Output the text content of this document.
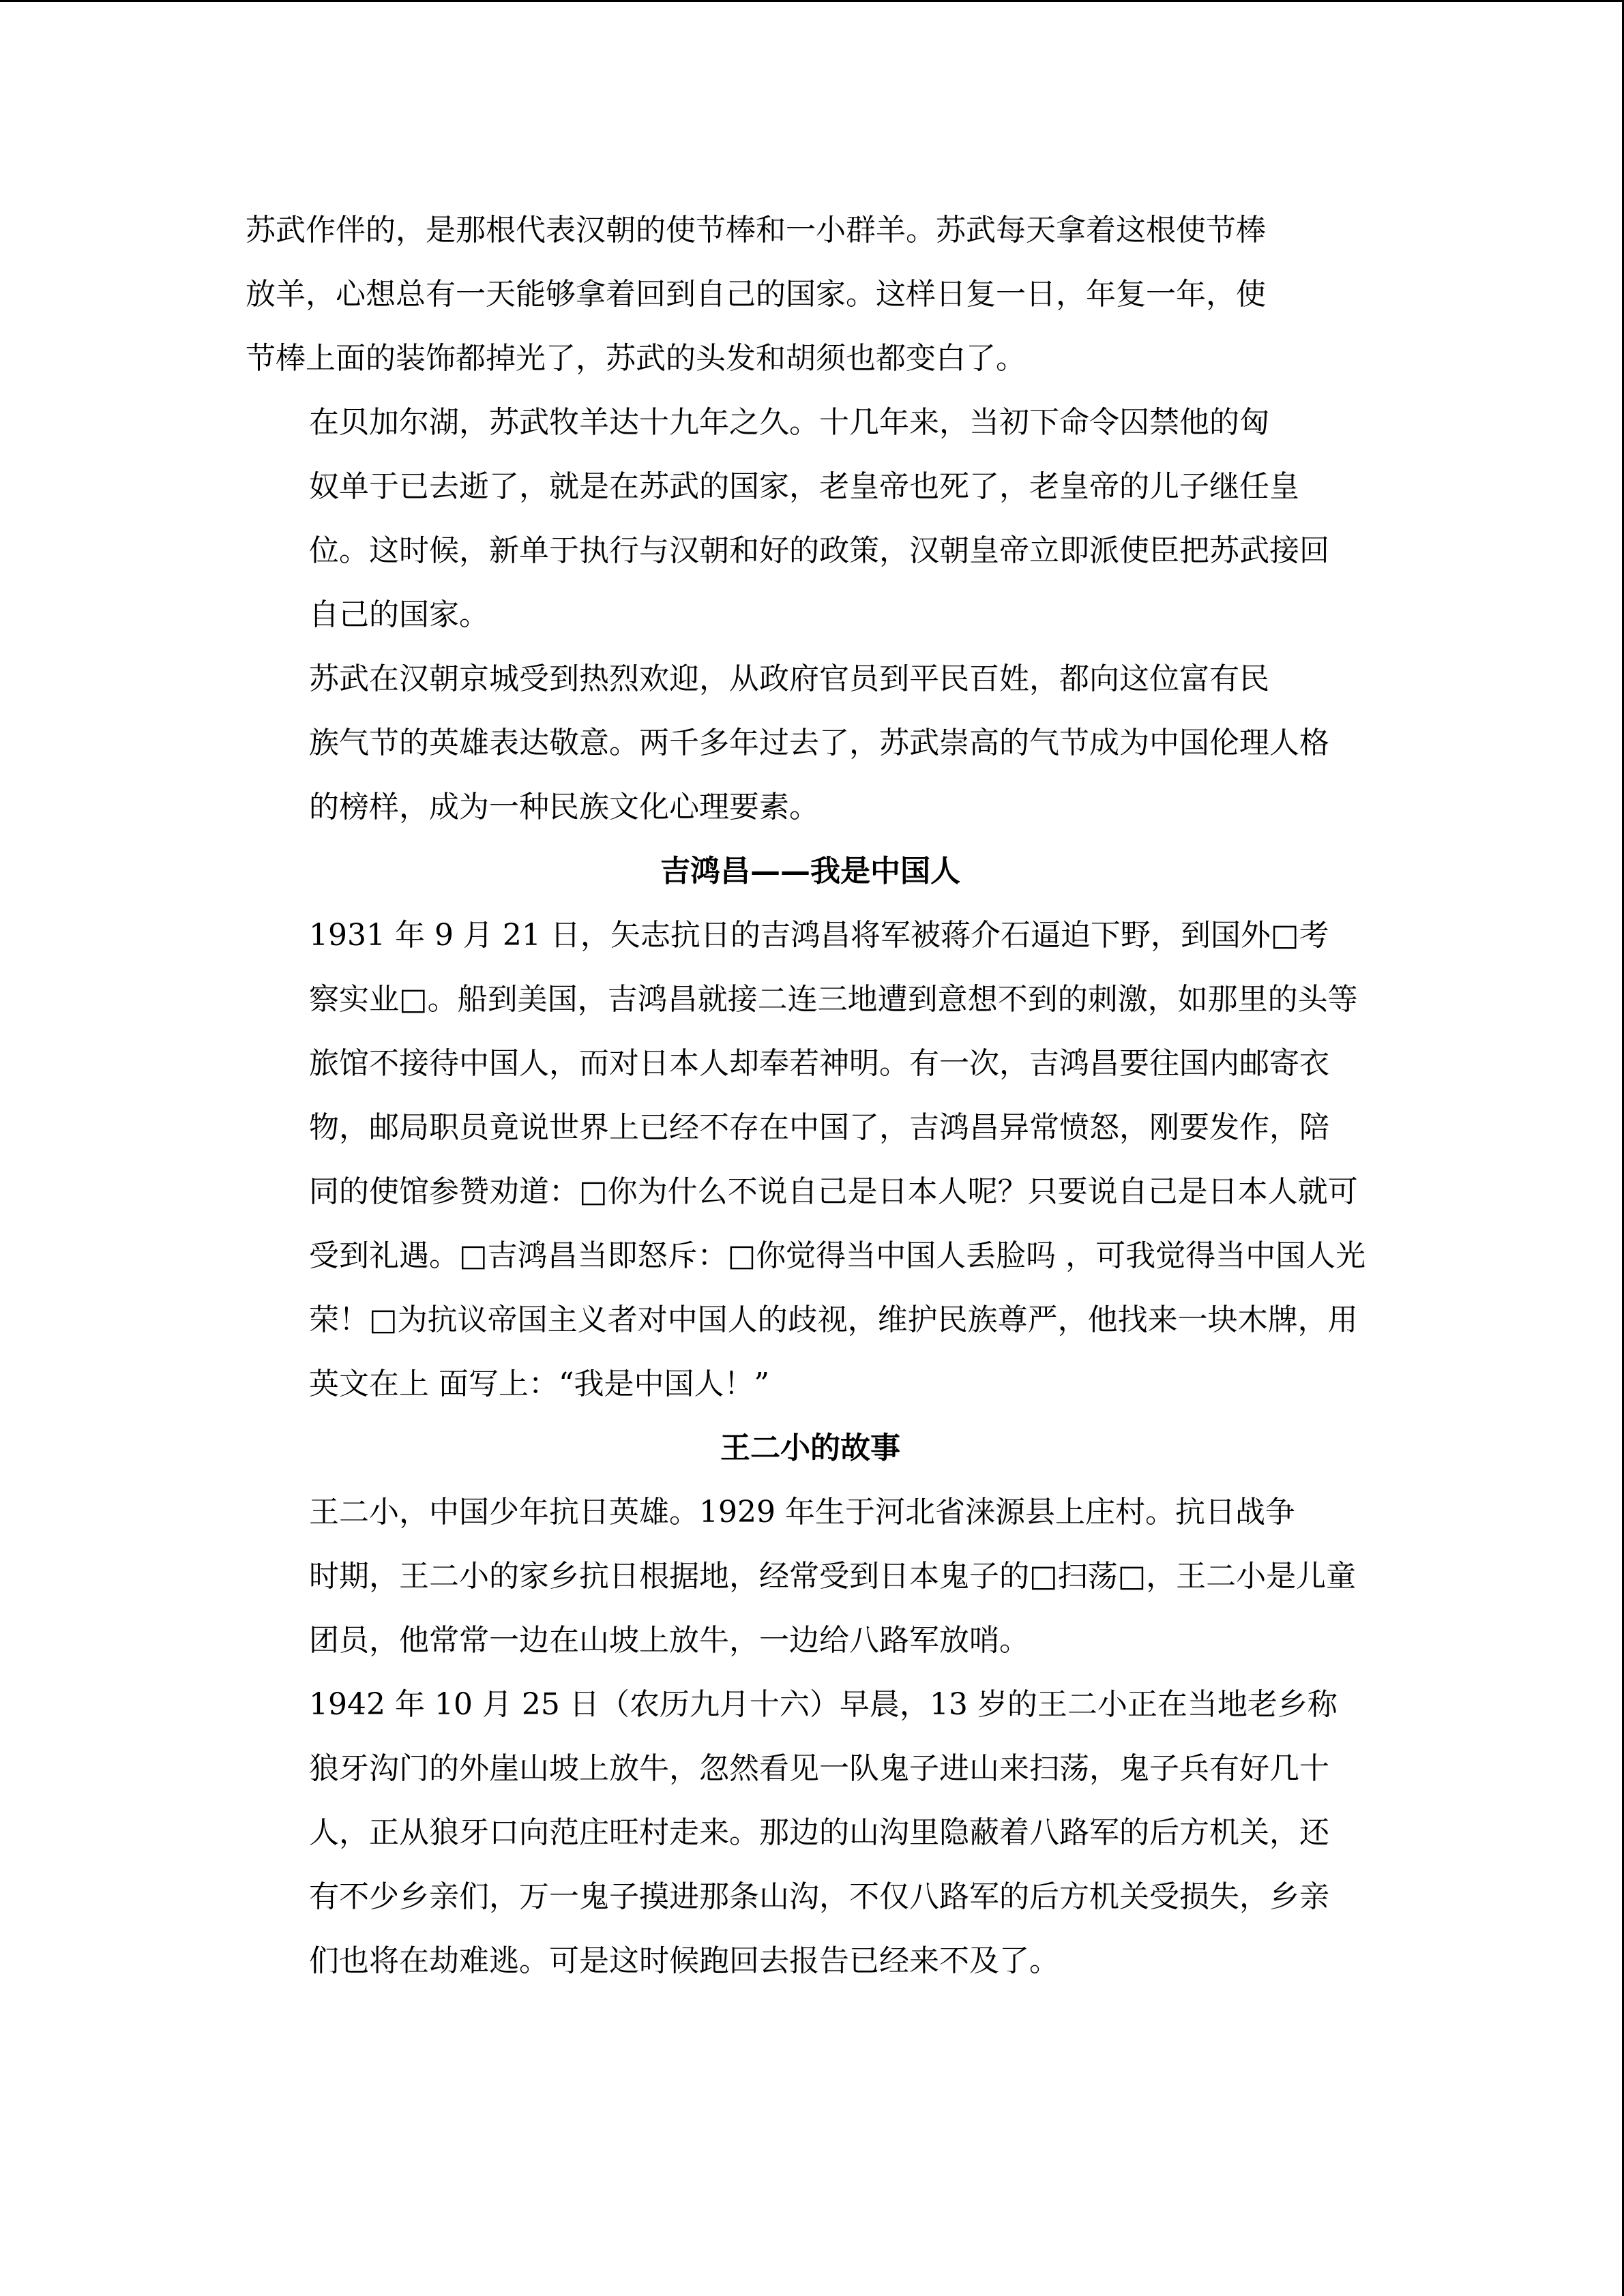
苏武作伴的，是那根代表汉朝的使节棒和一小群羊。苏武每天拿着这根使节棒
放羊，心想总有一天能够拿着回到自己的国家。这样日复一日，年复一年，使
节棒上面的装饰都掉光了，苏武的头发和胡须也都变白了。

在贝加尔湖，苏武牧羊达十九年之久。十几年来，当初下命令囚禁他的匈
奴单于已去逝了，就是在苏武的国家，老皇帝也死了，老皇帝的儿子继任皇
位。这时候，新单于执行与汉朝和好的政策，汉朝皇帝立即派使臣把苏武接回
自己的国家。

苏武在汉朝京城受到热烈欢迎，从政府官员到平民百姓，都向这位富有民
族气节的英雄表达敬意。两千多年过去了，苏武崇高的气节成为中国伦理人格
的榜样，成为一种民族文化心理要素。

吉鸿昌——我是中国人

1931 年 9 月 21 日，矢志抗日的吉鸿昌将军被蒋介石逼迫下野，到国外□考
察实业□。船到美国，吉鸿昌就接二连三地遭到意想不到的刺激，如那里的头等
旅馆不接待中国人，而对日本人却奉若神明。有一次，吉鸿昌要往国内邮寄衣
物，邮局职员竟说世界上已经不存在中国了，吉鸿昌异常愤怒，刚要发作，陪
同的使馆参赞劝道：□你为什么不说自己是日本人呢？只要说自己是日本人就可
受到礼遇。□吉鸿昌当即怒斥：□你觉得当中国人丢脸吗 ，可我觉得当中国人光
荣！□为抗议帝国主义者对中国人的歧视，维护民族尊严，他找来一块木牌，用
英文在上 面写上：“我是中国人！”

王二小的故事

王二小，中国少年抗日英雄。1929 年生于河北省涞源县上庄村。抗日战争
时期，王二小的家乡抗日根据地，经常受到日本鬼子的□扫荡□，王二小是儿童
团员，他常常一边在山坡上放牛，一边给八路军放哨。

1942 年 10 月 25 日（农历九月十六）早晨，13 岁的王二小正在当地老乡称
狼牙沟门的外崖山坡上放牛，忽然看见一队鬼子进山来扫荡，鬼子兵有好几十
人，正从狼牙口向范庄旺村走来。那边的山沟里隐蔽着八路军的后方机关，还
有不少乡亲们，万一鬼子摸进那条山沟，不仅八路军的后方机关受损失，乡亲
们也将在劫难逃。可是这时候跑回去报告已经来不及了。
